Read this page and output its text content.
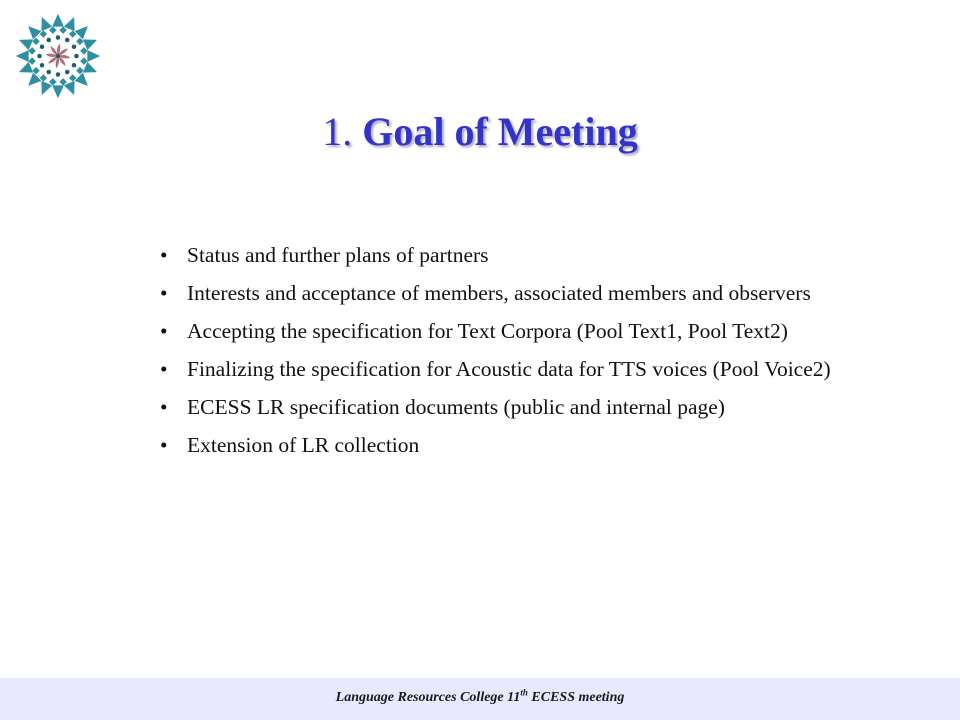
1. Goal of Meeting
• Status and further plans of partners
• Interests and acceptance of members, associated members and observers
• Accepting the specification for Text Corpora (Pool Text1, Pool Text2)
• Finalizing the specification for Acoustic data for TTS voices (Pool Voice2)
• ECESS LR specification documents (public and internal page)
• Extension of LR collection
Language Resources College 11th ECESS meeting
